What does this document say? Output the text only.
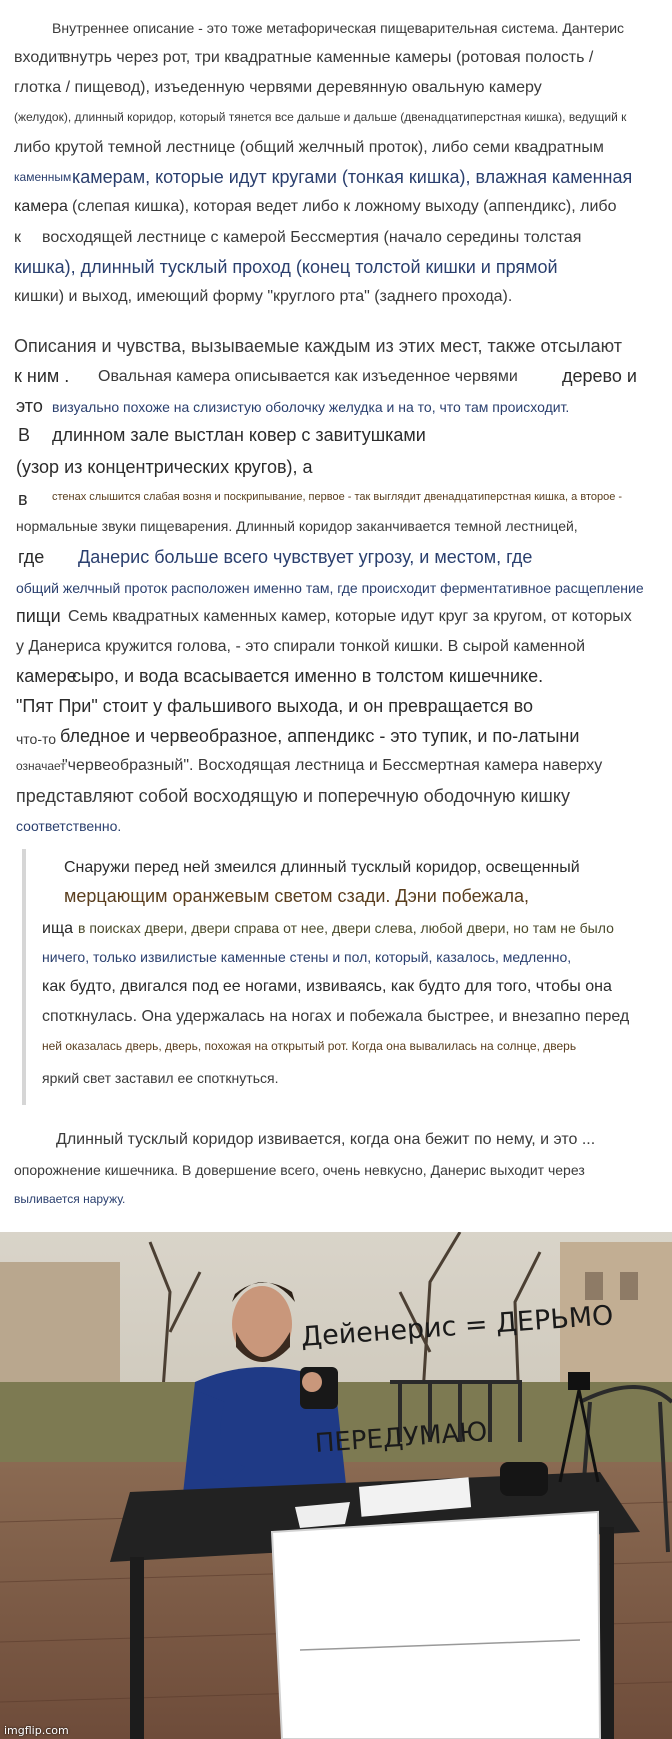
Внутреннее описание - это тоже метафорическая пищеварительная система. Дантерис
входит
внутрь через рот, три квадратные каменные камеры (ротовая полость /
глотка / пищевод), изъеденную червями деревянную овальную камеру
(желудок), длинный коридор, который тянется все дальше и дальше (двенадцатиперстная кишка), ведущий к
либо крутой темной лестнице (общий желчный проток), либо семи квадратным
каменным камерам, которые идут кругами (тонкая кишка), влажная каменная
камера (слепая кишка), которая ведет либо к ложному выходу (аппендикс), либо
к восходящей лестнице с камерой Бессмертия (начало середины толстая
кишка), длинный тусклый проход (конец толстой кишки и прямой
кишки) и выход, имеющий форму "круглого рта" (заднего прохода).
Описания и чувства, вызываемые каждым из этих мест, также отсылают
к ним . Овальная камера описывается как изъеденное червями дерево и
это визуально похоже на слизистую оболочку желудка и на то, что там происходит.
В длинном зале выстлан ковер с завитушками
(узор из концентрических кругов), а
в стенах слышится слабая возня и поскрипывание, первое - так выглядит двенадцатиперстная кишка, а второе -
нормальные звуки пищеварения. Длинный коридор заканчивается темной лестницей,
где Данерис больше всего чувствует угрозу, и местом, где
общий желчный проток расположен именно там, где происходит ферментативное расщепление
пищи Семь квадратных каменных камер, которые идут круг за кругом, от которых
у Данериса кружится голова, - это спирали тонкой кишки. В сырой каменной
камере
сыро, и вода всасывается именно в толстом кишечнике.
"Пят При" стоит у фальшивого выхода, и он превращается во
что-то бледное и червеобразное, аппендикс - это тупик, и по-латыни
означает
"червеобразный". Восходящая лестница и Бессмертная камера наверху
представляют собой восходящую и поперечную ободочную кишку
соответственно.
Снаружи перед ней змеился длинный тусклый коридор, освещенный
мерцающим оранжевым светом сзади. Дэни побежала,
ища в поисках двери, двери справа от нее, двери слева, любой двери, но там не было
ничего, только извилистые каменные стены и пол, который, казалось, медленно,
как будто, двигался под ее ногами, извиваясь, как будто для того, чтобы она
споткнулась. Она удержалась на ногах и побежала быстрее, и внезапно перед
ней оказалась дверь, дверь, похожая на открытый рот. Когда она вывалилась на солнце, дверь
яркий свет заставил ее споткнуться.
Длинный тусклый коридор извивается, когда она бежит по нему, и это ...
опорожнение кишечника. В довершение всего, очень невкусно, Данерис выходит через
выливается наружу.
Дейенерис = ДЕРЬМО
ПЕРЕДУМАЮ
imgflip.com
